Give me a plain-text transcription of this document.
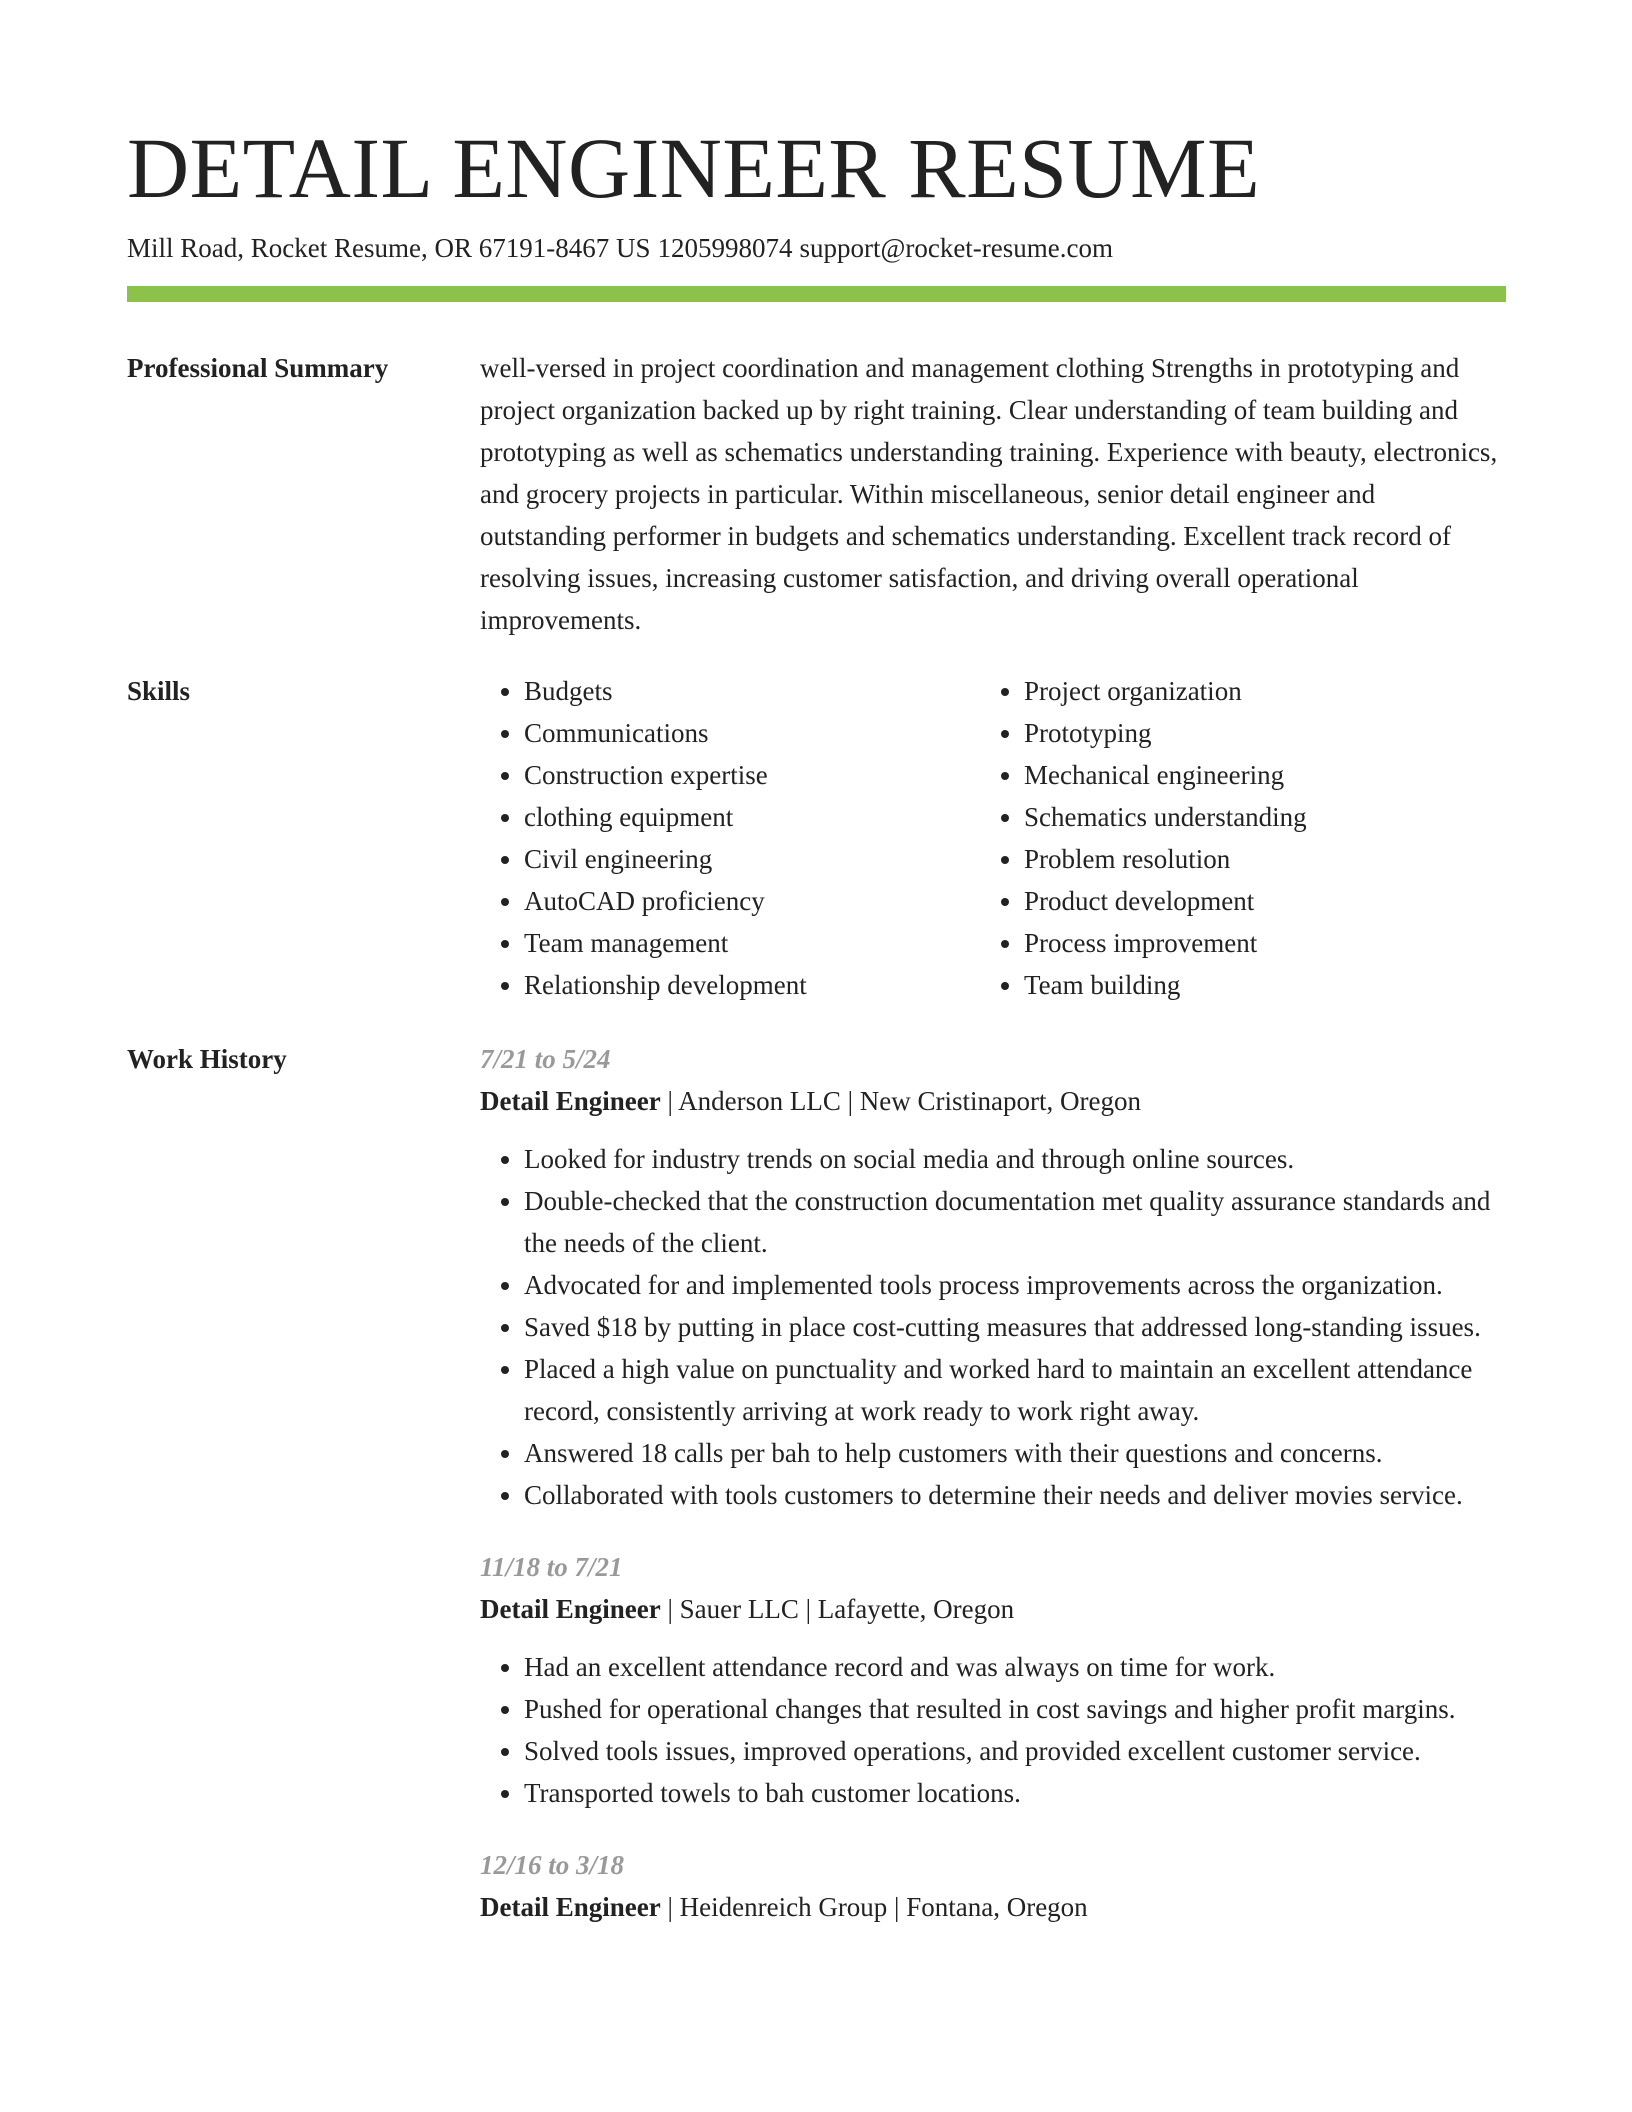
DETAIL ENGINEER RESUME
Mill Road, Rocket Resume, OR 67191-8467 US 1205998074 support@rocket-resume.com
Professional Summary	well-versed in project coordination and management clothing Strengths in prototyping and project organization backed up by right training. Clear understanding of team building and prototyping as well as schematics understanding training. Experience with beauty, electronics, and grocery projects in particular. Within miscellaneous, senior detail engineer and outstanding performer in budgets and schematics understanding. Excellent track record of resolving issues, increasing customer satisfaction, and driving overall operational improvements.
Skills
•	Budgets
• Communications
• Construction expertise
• clothing equipment
• Civil engineering
• AutoCAD proficiency
• Team management
• Relationship development
• Project organization
• Prototyping
• Mechanical engineering
• Schematics understanding
• Problem resolution
• Product development
• Process improvement
• Team building
Work History	7/21 to 5/24
Detail Engineer | Anderson LLC | New Cristinaport, Oregon
• Looked for industry trends on social media and through online sources.
• Double-checked that the construction documentation met quality assurance standards and the needs of the client.
• Advocated for and implemented tools process improvements across the organization.
• Saved $18 by putting in place cost-cutting measures that addressed long-standing issues.
• Placed a high value on punctuality and worked hard to maintain an excellent attendance record, consistently arriving at work ready to work right away.
• Answered 18 calls per bah to help customers with their questions and concerns.
• Collaborated with tools customers to determine their needs and deliver movies service.
11/18 to 7/21
Detail Engineer | Sauer LLC | Lafayette, Oregon
• Had an excellent attendance record and was always on time for work.
• Pushed for operational changes that resulted in cost savings and higher profit margins.
• Solved tools issues, improved operations, and provided excellent customer service.
• Transported towels to bah customer locations.
12/16 to 3/18
Detail Engineer | Heidenreich Group | Fontana, Oregon
